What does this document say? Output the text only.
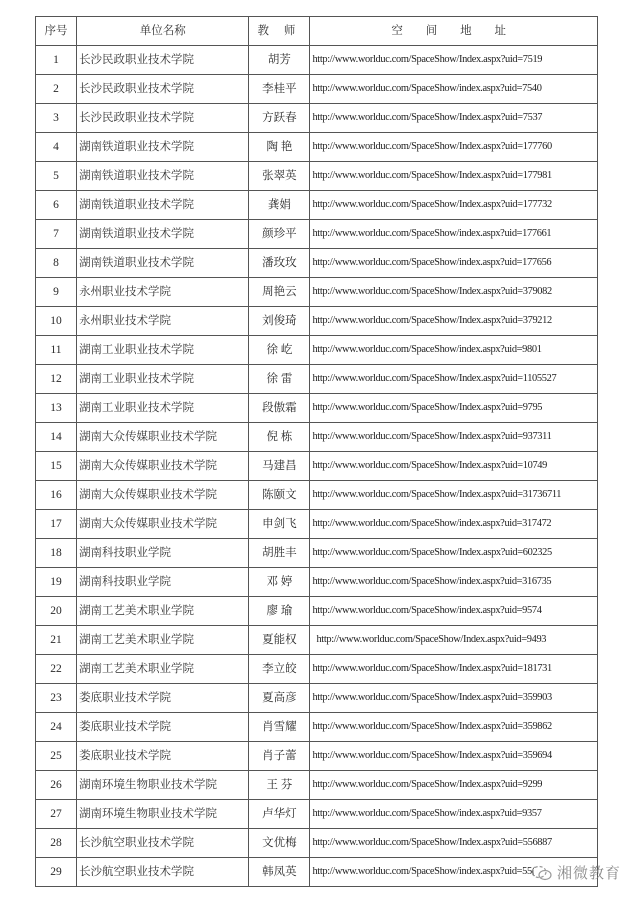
序号	单位名称	教 师	空 间 地 址
1	长沙民政职业技术学院	胡芳	http://www.worlduc.com/SpaceShow/Index.aspx?uid=7519
2	长沙民政职业技术学院	李桂平	http://www.worlduc.com/SpaceShow/index.aspx?uid=7540
3	长沙民政职业技术学院	方跃春	http://www.worlduc.com/SpaceShow/Index.aspx?uid=7537
4	湖南铁道职业技术学院	陶 艳	http://www.worlduc.com/SpaceShow/Index.aspx?uid=177760
5	湖南铁道职业技术学院	张翠英	http://www.worlduc.com/SpaceShow/Index.aspx?uid=177981
6	湖南铁道职业技术学院	龚娟	http://www.worlduc.com/SpaceShow/Index.aspx?uid=177732
7	湖南铁道职业技术学院	颜珍平	http://www.worlduc.com/SpaceShow/index.aspx?uid=177661
8	湖南铁道职业技术学院	潘玫玫	http://www.worlduc.com/SpaceShow/index.aspx?uid=177656
9	永州职业技术学院	周艳云	http://www.worlduc.com/SpaceShow/Index.aspx?uid=379082
10	永州职业技术学院	刘俊琦	http://www.worlduc.com/SpaceShow/Index.aspx?uid=379212
11	湖南工业职业技术学院	徐 屹	http://www.worlduc.com/SpaceShow/index.aspx?uid=9801
12	湖南工业职业技术学院	徐 雷	http://www.worlduc.com/SpaceShow/Index.aspx?uid=1105527
13	湖南工业职业技术学院	段傲霜	http://www.worlduc.com/SpaceShow/Index.aspx?uid=9795
14	湖南大众传媒职业技术学院	倪 栋	http://www.worlduc.com/SpaceShow/Index.aspx?uid=937311
15	湖南大众传媒职业技术学院	马建昌	http://www.worlduc.com/SpaceShow/Index.aspx?uid=10749
16	湖南大众传媒职业技术学院	陈颐文	http://www.worlduc.com/SpaceShow/Index.aspx?uid=31736711
17	湖南大众传媒职业技术学院	申剑飞	http://www.worlduc.com/SpaceShow/index.aspx?uid=317472
18	湖南科技职业学院	胡胜丰	http://www.worlduc.com/SpaceShow/Index.aspx?uid=602325
19	湖南科技职业学院	邓 婷	http://www.worlduc.com/SpaceShow/index.aspx?uid=316735
20	湖南工艺美术职业学院	廖 瑜	http://www.worlduc.com/SpaceShow/index.aspx?uid=9574
21	湖南工艺美术职业学院	夏能权	http://www.worlduc.com/SpaceShow/Index.aspx?uid=9493
22	湖南工艺美术职业学院	李立皎	http://www.worlduc.com/SpaceShow/Index.aspx?uid=181731
23	娄底职业技术学院	夏高彦	http://www.worlduc.com/SpaceShow/Index.aspx?uid=359903
24	娄底职业技术学院	肖雪耀	http://www.worlduc.com/SpaceShow/Index.aspx?uid=359862
25	娄底职业技术学院	肖子蕾	http://www.worlduc.com/SpaceShow/Index.aspx?uid=359694
26	湖南环境生物职业技术学院	王 芬	http://www.worlduc.com/SpaceShow/Index.aspx?uid=9299
27	湖南环境生物职业技术学院	卢华灯	http://www.worlduc.com/SpaceShow/index.aspx?uid=9357
28	长沙航空职业技术学院	文优梅	http://www.worlduc.com/SpaceShow/Index.aspx?uid=556887
29	长沙航空职业技术学院	韩凤英	http://www.worlduc.com/SpaceShow/index.aspx?uid=55( 湘微教育
